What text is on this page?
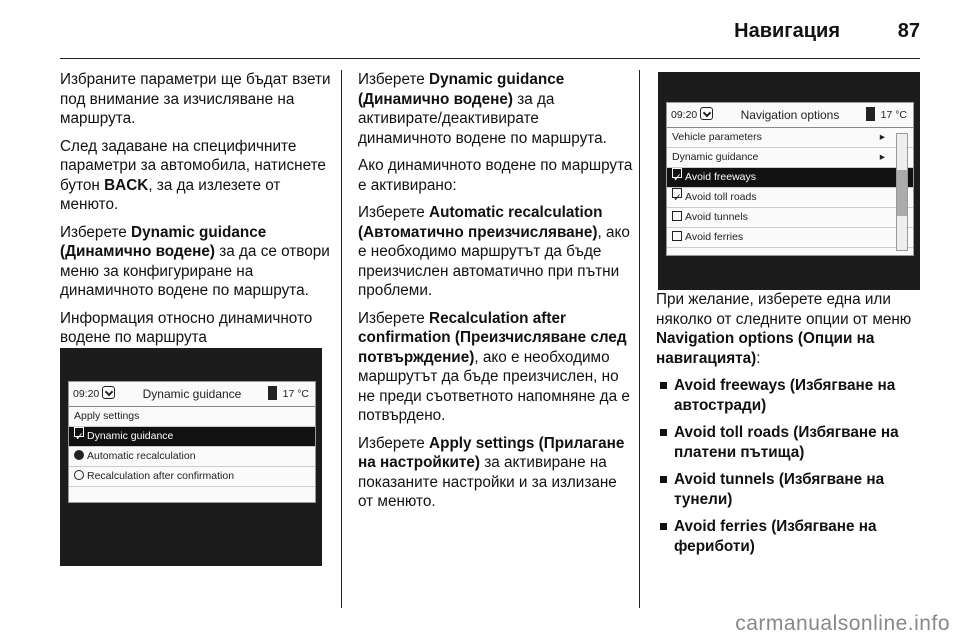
Навигация	87

Избраните параметри ще бъдат взети под внимание за изчисляване на маршрута.

След задаване на специфичните параметри за автомобила, натиснете бутон BACK, за да излезете от менюто.

Изберете Dynamic guidance (Динамично водене) за да се отвори меню за конфигуриране на динамичното водене по маршрута.

Информация относно динамичното водене по маршрута

09:20	Dynamic guidance	17 °C
Apply settings
✓ Dynamic guidance
Automatic recalculation
Recalculation after confirmation

Изберете Dynamic guidance (Динамично водене) за да активирате/деактивирате динамичното водене по маршрута.

Ако динамичното водене по маршрута е активирано:

Изберете Automatic recalculation (Автоматично преизчисляване), ако е необходимо маршрутът да бъде преизчислен автоматично при пътни проблеми.

Изберете Recalculation after confirmation (Преизчисляване след потвърждение), ако е необходимо маршрутът да бъде преизчислен, но не преди съответното напомняне да е потвърдено.

Изберете Apply settings (Прилагане на настройките) за активиране на показаните настройки и за излизане от менюто.

09:20	Navigation options	17 °C
Vehicle parameters	▸
Dynamic guidance	▸
✓ Avoid freeways
✓ Avoid toll roads
Avoid tunnels
Avoid ferries

При желание, изберете една или няколко от следните опции от меню Navigation options (Опции на навигацията):

Avoid freeways (Избягване на автостради)

Avoid toll roads (Избягване на платени пътища)

Avoid tunnels (Избягване на тунели)

Avoid ferries (Избягване на фериботи)

carmanualsonline.info
